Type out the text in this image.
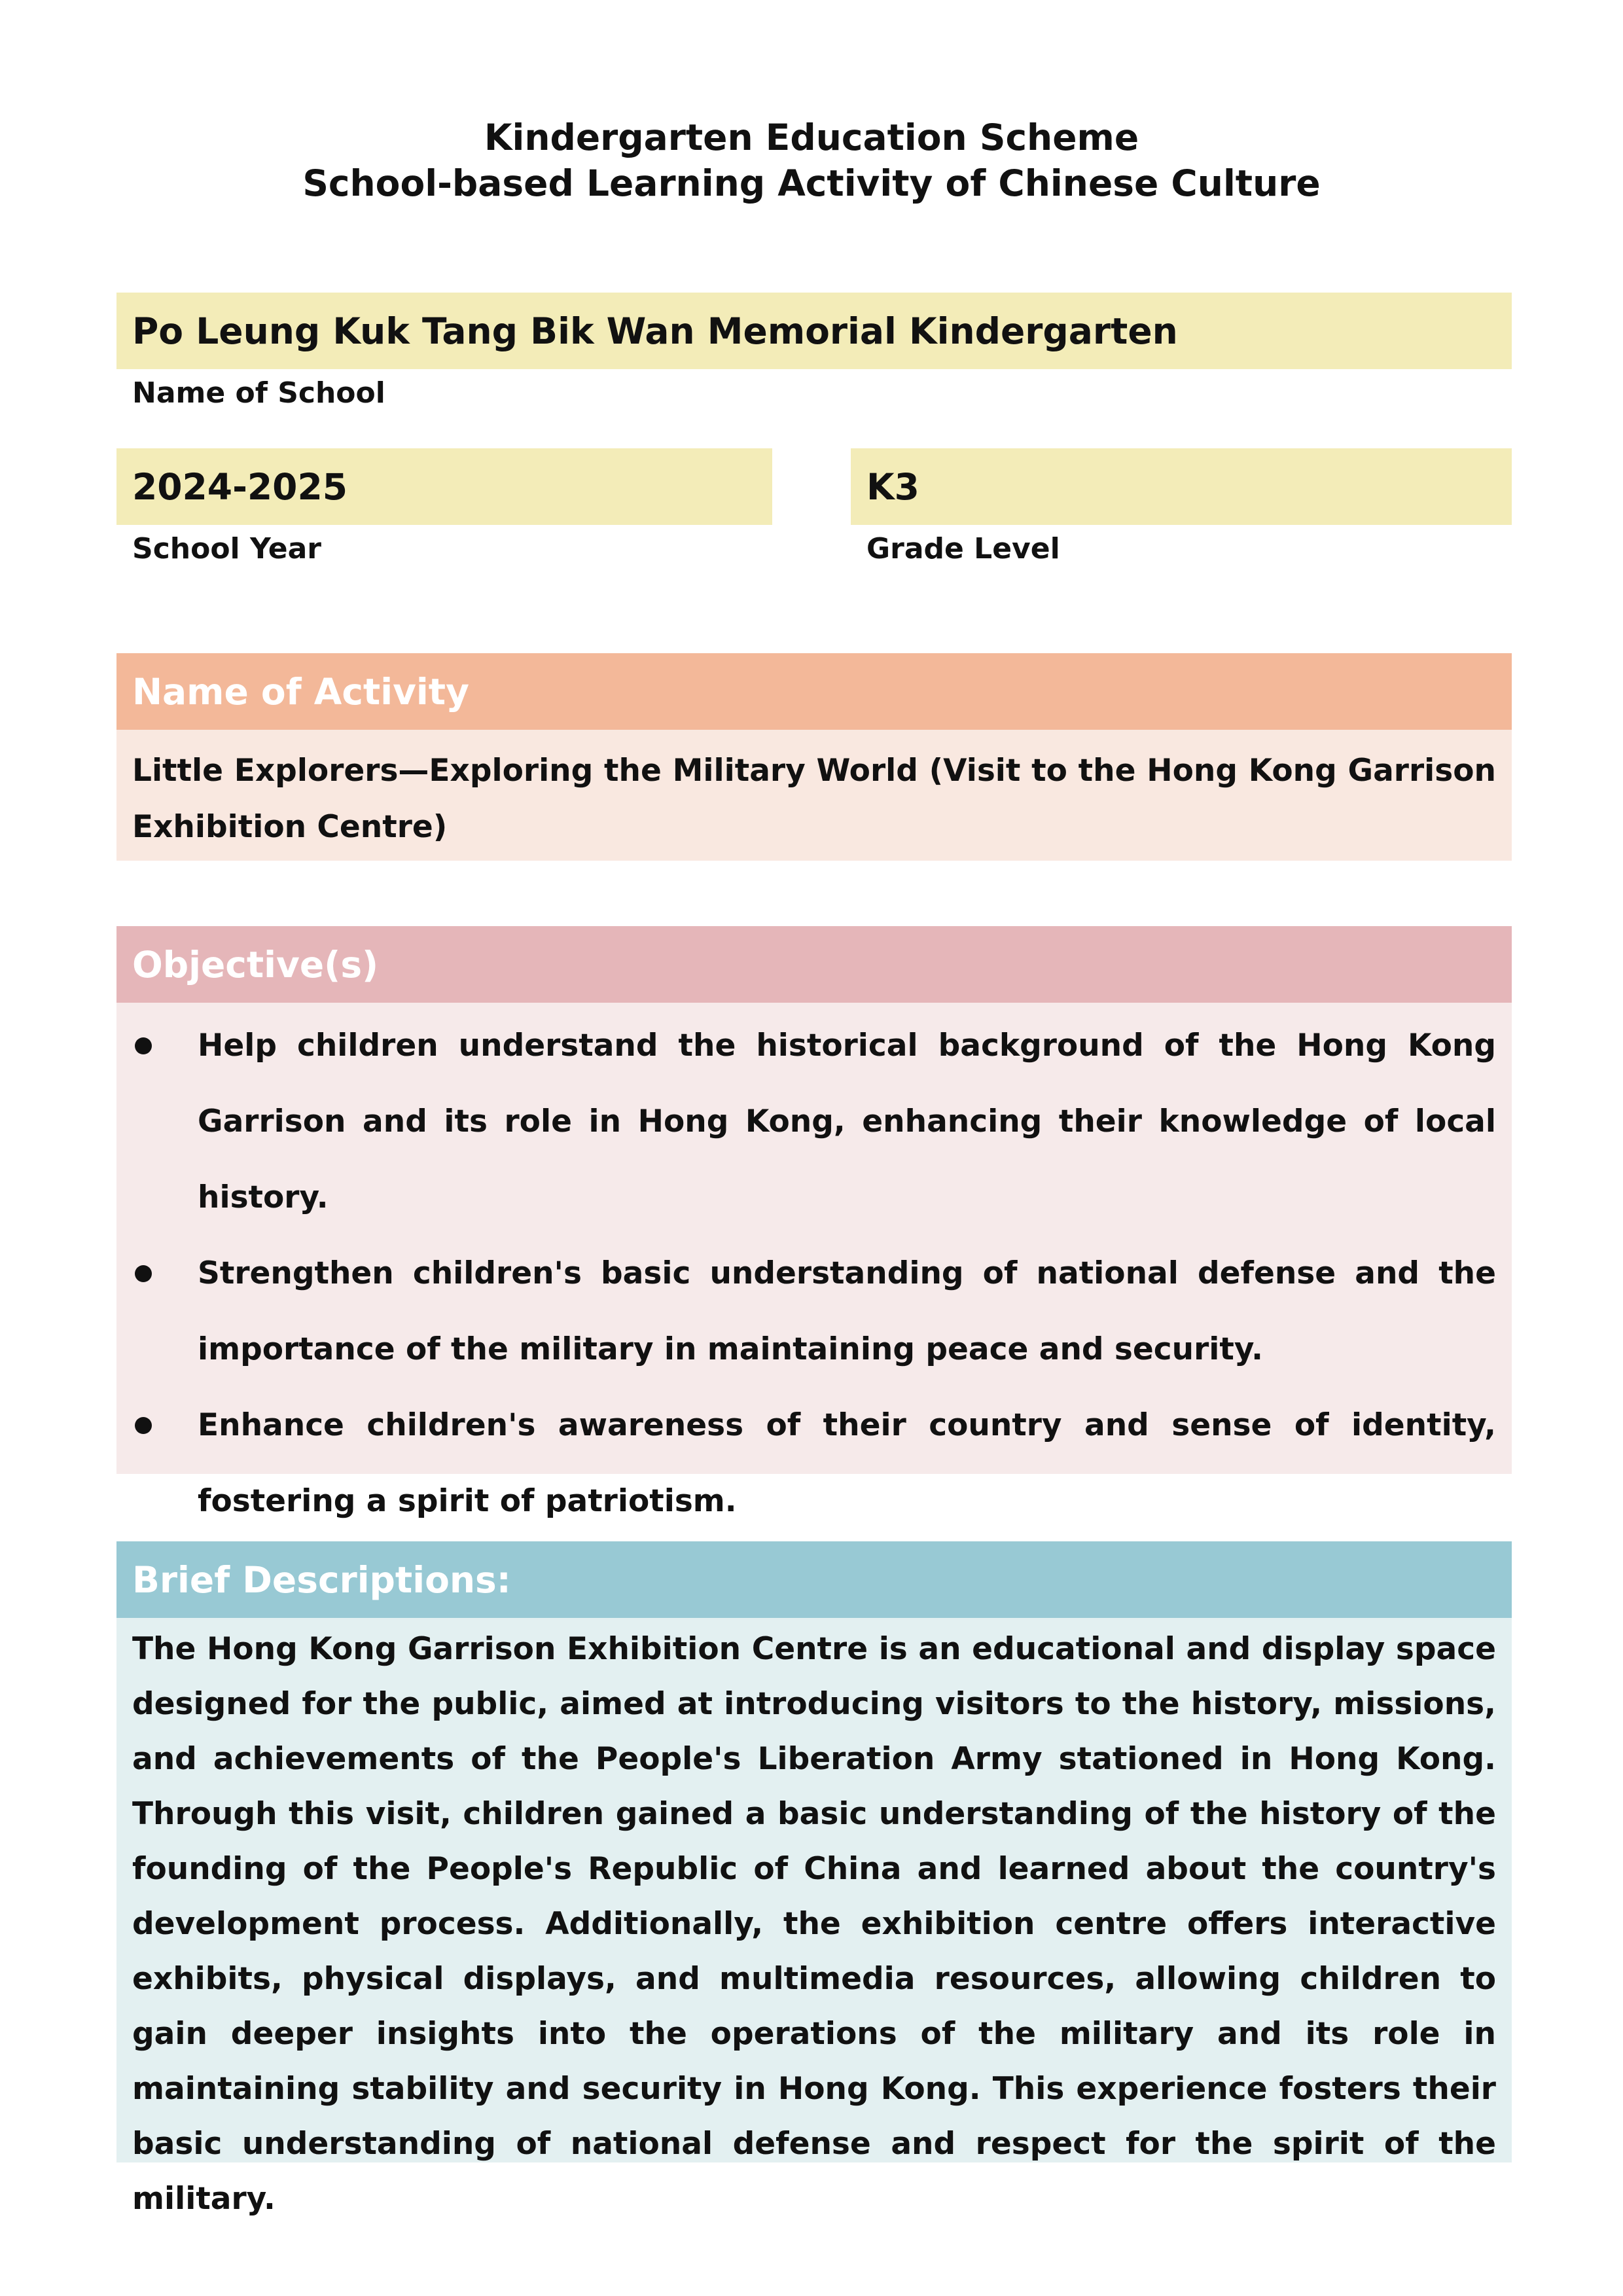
Kindergarten Education Scheme
School-based Learning Activity of Chinese Culture
Po Leung Kuk Tang Bik Wan Memorial Kindergarten
Name of School
2024-2025
School Year
K3
Grade Level
Name of Activity
Little Explorers—Exploring the Military World (Visit to the Hong Kong Garrison Exhibition Centre)
Objective(s)
Help children understand the historical background of the Hong Kong Garrison and its role in Hong Kong, enhancing their knowledge of local history.
Strengthen children's basic understanding of national defense and the importance of the military in maintaining peace and security.
Enhance children's awareness of their country and sense of identity, fostering a spirit of patriotism.
Brief Descriptions:
The Hong Kong Garrison Exhibition Centre is an educational and display space designed for the public, aimed at introducing visitors to the history, missions, and achievements of the People's Liberation Army stationed in Hong Kong. Through this visit, children gained a basic understanding of the history of the founding of the People's Republic of China and learned about the country's development process. Additionally, the exhibition centre offers interactive exhibits, physical displays, and multimedia resources, allowing children to gain deeper insights into the operations of the military and its role in maintaining stability and security in Hong Kong. This experience fosters their basic understanding of national defense and respect for the spirit of the military.
